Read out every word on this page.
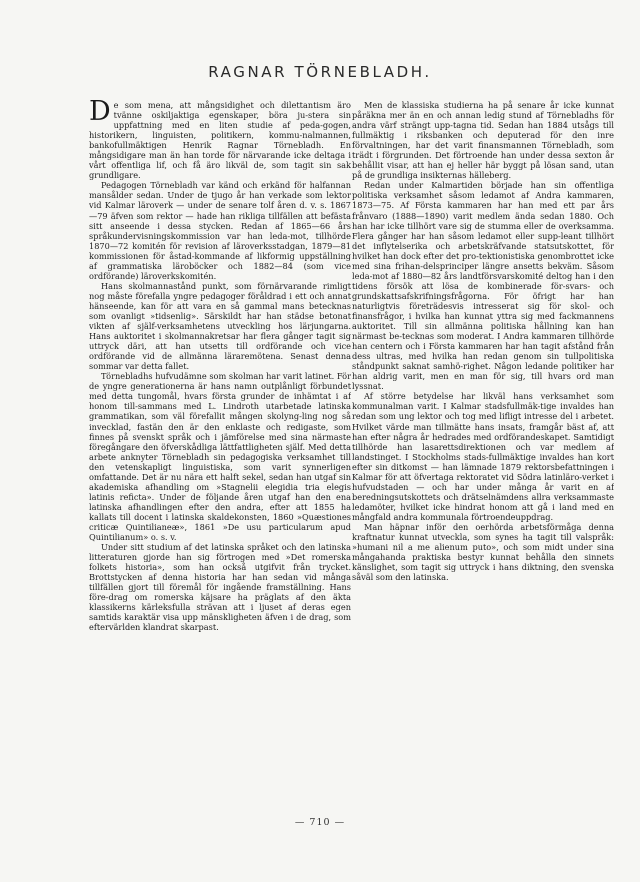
RAGNAR TÖRNEBLADH.

De som mena, att mångsidighet och dilettantism äro tvänne oskiljaktiga egenskaper, böra ju-stera sin uppfattning med en liten studie af peda-gogen, historikern, linguisten, politikern, kommu-nalmannen, bankofullmäktigen Henrik Ragnar Törnebladh. En mångsidigare man än han torde för närvarande icke deltaga i vårt offentliga lif, och få äro likväl de, som tagit sin sak grundligare.

Pedagogen Törnebladh var känd och erkänd för halfannan mansålder sedan. Under de tjugo år han verkade som lektor vid Kalmar läroverk — under de senare tolf åren d. v. s. 1867—79 äfven som rektor — hade han rikliga tillfällen att befästa sitt anseende i dessa stycken. Redan af 1865—66 års språkundervisningskommission var han leda-mot, tillhörde 1870—72 komitén för revision af läroverksstadgan, 1879—81 kommissionen för åstad-kommande af likformig uppställning af grammatiska läroböcker och 1882—84 (som vice ordförande) läroverkskomitén.

Hans skolmannastånd punkt, som förnärvarande rimligt nog måste förefalla yngre pedagoger föråldrad i ett och annat hänseende, kan för att vara en så gammal mans betecknas som ovanligt »tidsenlig». Särskildt har han städse betonat vikten af själf-verksamhetens utveckling hos lärjungarna. Hans auktoritet i skolmannakretsar har flera gånger tagit sig uttryck däri, att han utsetts till ordförande och vice ordförande vid de allmänna läraremötena. Senast denna sommar var detta fallet.

Törnebladhs hufvudämne som skolman har varit latinet. För de yngre generationerna är hans namn outplånligt förbundet med detta tungomål, hvars första grunder de inhämtat i af honom till-sammans med L. Lindroth utarbetade latinska grammatikan, som väl förefallit mången skolyng-ling nog så invecklad, fastän den är den enklaste och redigaste, som finnes på svenskt språk och i jämförelse med sina närmaste föregångare den öfverskådliga lättfattligheten själf. Med detta arbete anknyter Törnebladh sin pedagogiska verksamhet till den vetenskapligt linguistiska, som varit synnerligen omfattande. Det är nu nära ett halft sekel, sedan han utgaf sin akademiska afhandling om »Stagnelii elegidia tria elegis latinis reficta». Under de följande åren utgaf han den ena latinska afhandlingen efter den andra, efter att 1855 ha kallats till docent i latinska skaldekonsten, 1860 »Quæstiones criticæ Quintilianeæ», 1861 »De usu particularum apud Quintilianum» o. s. v.

Under sitt studium af det latinska språket och den latinska litteraturen gjorde han sig förtrogen med »Det romerska folkets historia», som han också utgifvit från trycket. Brottstycken af denna historia har han sedan vid många tillfällen gjort till föremål för ingående framställning. Hans före-drag om romerska käjsare ha präglats af den äkta klassikerns kärleksfulla strävan att i ljuset af deras egen samtids karaktär visa upp mänskligheten äfven i de drag, som eftervärlden klandrat skarpast.

Men de klassiska studierna ha på senare år icke kunnat påräkna mer än en och annan ledig stund af Törnebladhs för andra värf strängt upp-tagna tid. Sedan han 1884 utsågs till fullmäktig i riksbanken och deputerad för den inre förvaltningen, har det varit finansmannen Törnebladh, som trädt i förgrunden. Det förtroende han under dessa sexton år behållit visar, att han ej heller här byggt på lösan sand, utan på de grundliga insikternas hälleberg.

Redan under Kalmartiden började han sin offentliga politiska verksamhet såsom ledamot af Andra kammaren, 1873—75. Af Första kammaren har han med ett par års frånvaro (1888—1890) varit medlem ända sedan 1880. Och han har icke tillhört vare sig de stumma eller de overksamma. Flera gånger har han såsom ledamot eller supp-leant tillhört det inflytelserika och arbetskräfvande statsutskottet, för hvilket han dock efter det pro-tektionistiska genombrottet icke med sina frihan-delsprinciper längre ansetts bekväm. Såsom leda-mot af 1880—82 års landtförsvarskomité deltog han i den tidens försök att lösa de kombinerade för-svars- och grundskattsafskrifningsfrågorna. För öfrigt har han naturligtvis företrädesvis intresserat sig för skol- och finansfrågor, i hvilka han kunnat yttra sig med fackmannens auktoritet. Till sin allmänna politiska hållning kan han närmast be-tecknas som moderat. I Andra kammaren tillhörde han centern och i Första kammaren har han tagit afstånd från dess ultras, med hvilka han redan genom sin tullpolitiska ståndpunkt saknat samhö-righet. Någon ledande politiker har han aldrig varit, men en man för sig, till hvars ord man lyssnat.

Af större betydelse har likväl hans verksamhet som kommunalman varit. I Kalmar stadsfullmäk-tige invaldes han redan som ung lektor och tog med lifligt intresse del i arbetet. Hvilket värde man tillmätte hans insats, framgår bäst af, att han efter några år hedrades med ordförandeskapet. Samtidigt tillhörde han lasarettsdirektionen och var medlem af landstinget. I Stockholms stads-fullmäktige invaldes han kort efter sin ditkomst — han lämnade 1879 rektorsbefattningen i Kalmar för att öfvertaga rektoratet vid Södra latinläro-verket i hufvudstaden — och har under många år varit en af beredningsutskottets och drätselnämdens allra verksammaste ledamöter, hvilket icke hindrat honom att gå i land med en mångfald andra kommunala förtroendeuppdrag.

Man häpnar inför den oerhörda arbetsförmåga denna kraftnatur kunnat utveckla, som synes ha tagit till valspråk: »humani nil a me alienum puto», och som midt under sina mångahanda praktiska bestyr kunnat behålla den sinnets känslighet, som tagit sig uttryck i hans diktning, den svenska såväl som den latinska.

— 710 —
